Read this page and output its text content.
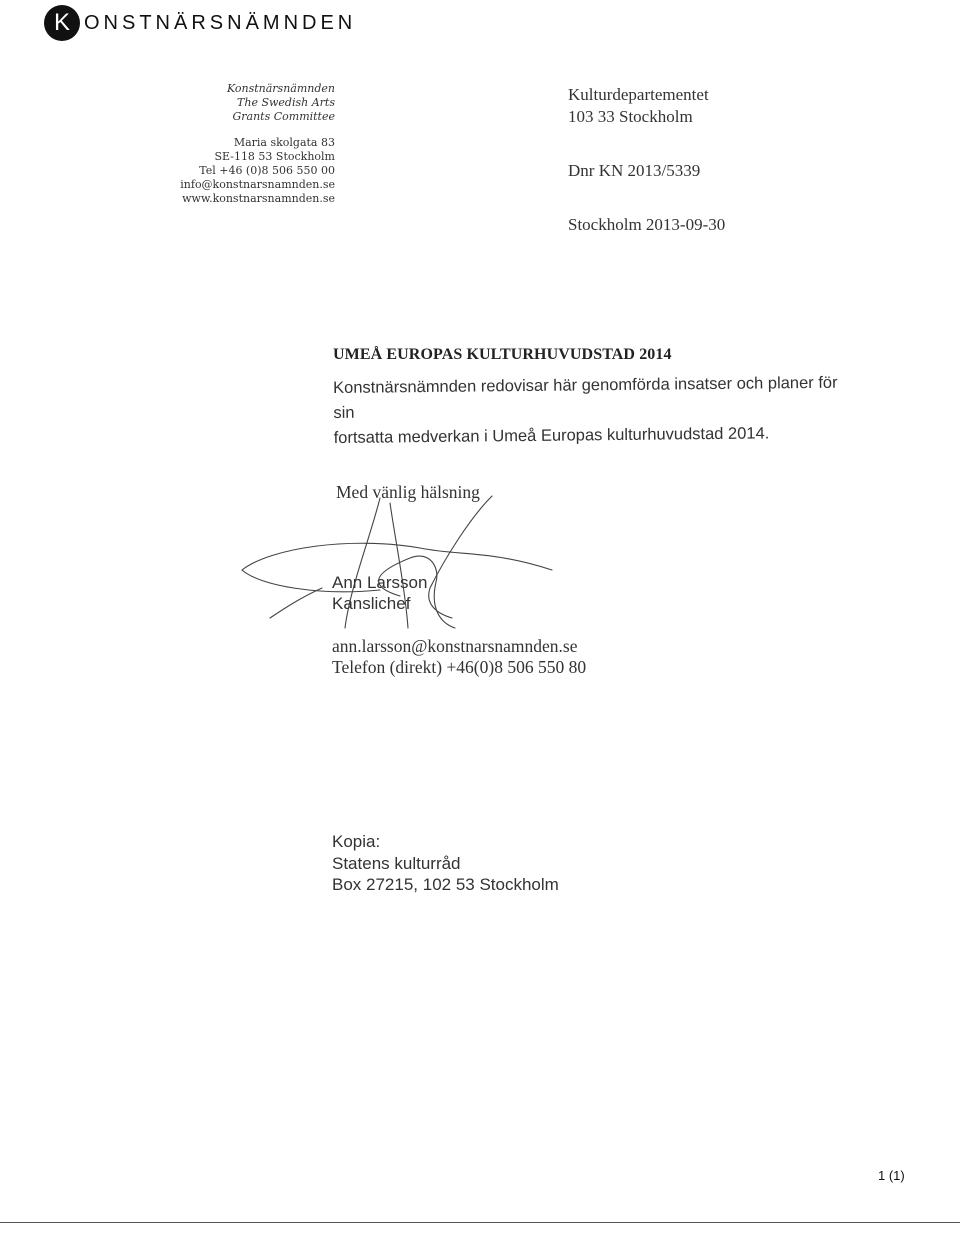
K ONSTNÄRSNÄMNDEN
Konstnärsnämnden
The Swedish Arts
Grants Committee
Maria skolgata 83
SE-118 53 Stockholm
Tel +46 (0)8 506 550 00
info@konstnarsnamnden.se
www.konstnarsnamnden.se
Kulturdepartementet
103 33 Stockholm
Dnr KN 2013/5339
Stockholm 2013-09-30
UMEÅ EUROPAS KULTURHUVUDSTAD 2014
Konstnärsnämnden redovisar här genomförda insatser och planer för sin
fortsatta medverkan i Umeå Europas kulturhuvudstad 2014.
Med vänlig hälsning
Ann Larsson
Kanslichef
ann.larsson@konstnarsnamnden.se
Telefon (direkt) +46(0)8 506 550 80
Kopia:
Statens kulturråd
Box 27215, 102 53 Stockholm
1 (1)
